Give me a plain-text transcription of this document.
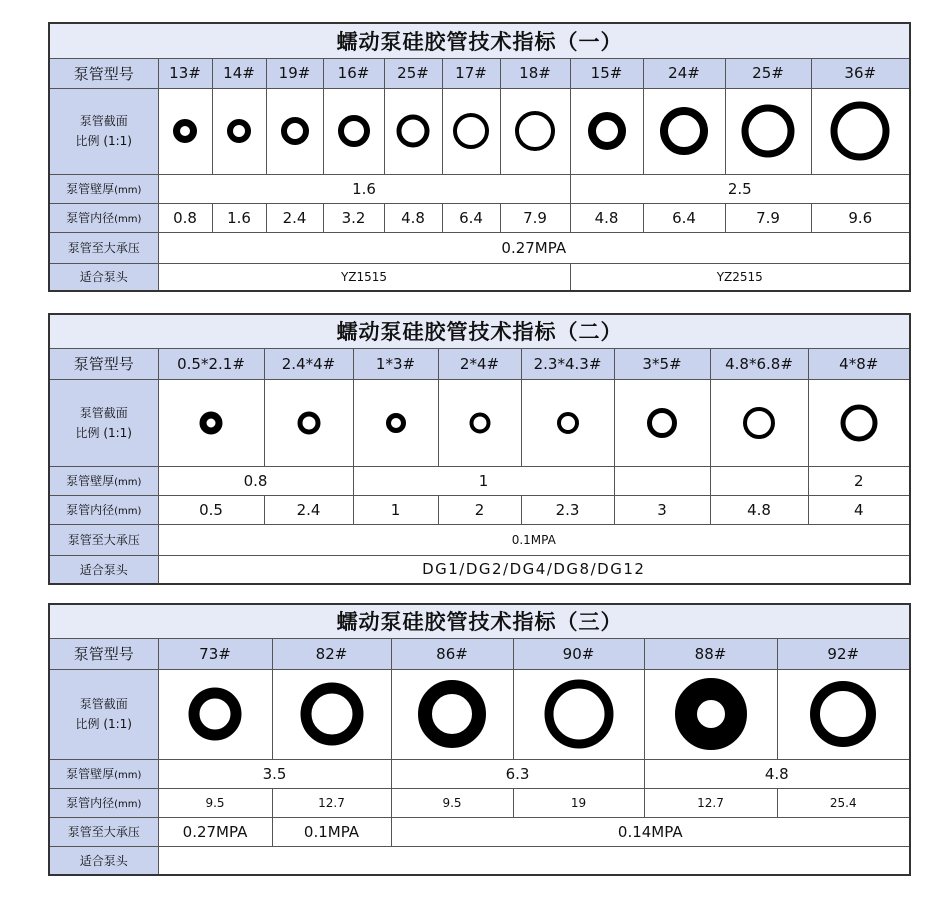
蠕动泵硅胶管技术指标（一）											
泵管型号	13#	14#	19#	16#	25#	17#	18#	15#	24#	25#	36#
泵管截面
比例 (1:1)											
泵管壁厚(mm)	1.6							2.5			
泵管内径(mm)	0.8	1.6	2.4	3.2	4.8	6.4	7.9	4.8	6.4	7.9	9.6
泵管至大承压	0.27MPA										
适合泵头	YZ1515							YZ2515			
蠕动泵硅胶管技术指标（二）								
泵管型号	0.5*2.1#	2.4*4#	1*3#	2*4#	2.3*4.3#	3*5#	4.8*6.8#	4*8#
泵管截面
比例 (1:1)								
泵管壁厚(mm)	0.8		1					2
泵管内径(mm)	0.5	2.4	1	2	2.3	3	4.8	4
泵管至大承压	0.1MPA							
适合泵头	DG1/DG2/DG4/DG8/DG12							
蠕动泵硅胶管技术指标（三）						
泵管型号	73#	82#	86#	90#	88#	92#
泵管截面
比例 (1:1)						
泵管壁厚(mm)	3.5		6.3		4.8	
泵管内径(mm)	9.5	12.7	9.5	19	12.7	25.4
泵管至大承压	0.27MPA	0.1MPA	0.14MPA			
适合泵头						
